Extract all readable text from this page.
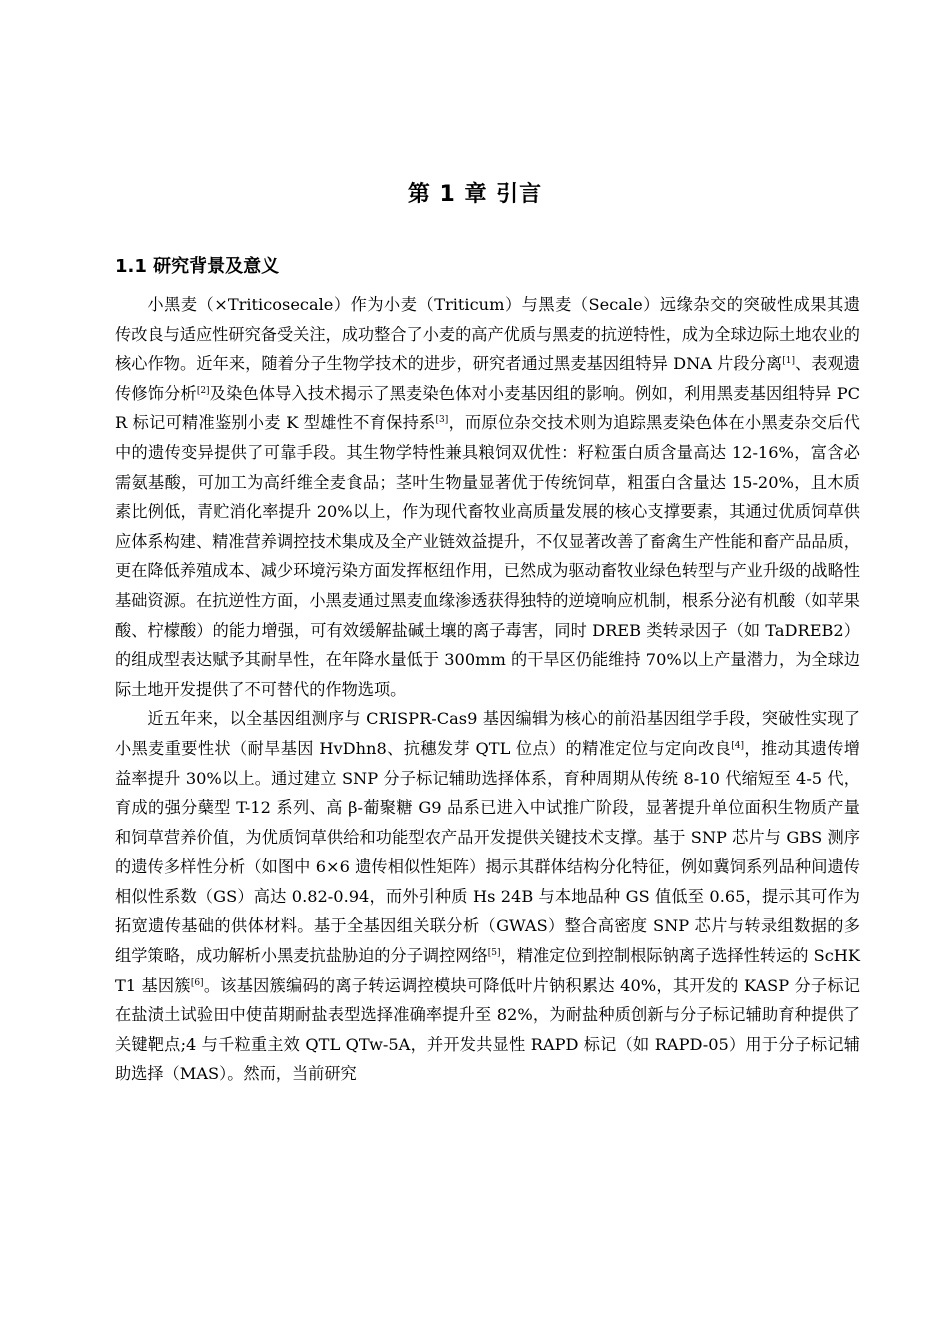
第 1 章 引言
1.1 研究背景及意义

小黑麦（×Triticosecale）作为小麦（Triticum）与黑麦（Secale）远缘杂交的突破性成果其遗传改良与适应性研究备受关注，成功整合了小麦的高产优质与黑麦的抗逆特性，成为全球边际土地农业的核心作物。近年来，随着分子生物学技术的进步，研究者通过黑麦基因组特异 DNA 片段分离[1]、表观遗传修饰分析[2]及染色体导入技术揭示了黑麦染色体对小麦基因组的影响。例如，利用黑麦基因组特异 PCR 标记可精准鉴别小麦 K 型雄性不育保持系[3]，而原位杂交技术则为追踪黑麦染色体在小黑麦杂交后代中的遗传变异提供了可靠手段。其生物学特性兼具粮饲双优性：籽粒蛋白质含量高达 12-16%，富含必需氨基酸，可加工为高纤维全麦食品；茎叶生物量显著优于传统饲草，粗蛋白含量达 15-20%，且木质素比例低，青贮消化率提升 20%以上，作为现代畜牧业高质量发展的核心支撑要素，其通过优质饲草供应体系构建、精准营养调控技术集成及全产业链效益提升，不仅显著改善了畜禽生产性能和畜产品品质，更在降低养殖成本、减少环境污染方面发挥枢纽作用，已然成为驱动畜牧业绿色转型与产业升级的战略性基础资源。在抗逆性方面，小黑麦通过黑麦血缘渗透获得独特的逆境响应机制，根系分泌有机酸（如苹果酸、柠檬酸）的能力增强，可有效缓解盐碱土壤的离子毒害，同时 DREB 类转录因子（如 TaDREB2）的组成型表达赋予其耐旱性，在年降水量低于 300mm 的干旱区仍能维持 70%以上产量潜力，为全球边际土地开发提供了不可替代的作物选项。

近五年来，以全基因组测序与 CRISPR-Cas9 基因编辑为核心的前沿基因组学手段，突破性实现了小黑麦重要性状（耐旱基因 HvDhn8、抗穗发芽 QTL 位点）的精准定位与定向改良[4]，推动其遗传增益率提升 30%以上。通过建立 SNP 分子标记辅助选择体系，育种周期从传统 8-10 代缩短至 4-5 代，育成的强分蘖型 T-12 系列、高 β-葡聚糖 G9 品系已进入中试推广阶段，显著提升单位面积生物质产量和饲草营养价值，为优质饲草供给和功能型农产品开发提供关键技术支撑。基于 SNP 芯片与 GBS 测序的遗传多样性分析（如图中 6×6 遗传相似性矩阵）揭示其群体结构分化特征，例如冀饲系列品种间遗传相似性系数（GS）高达 0.82-0.94，而外引种质 Hs 24B 与本地品种 GS 值低至 0.65，提示其可作为拓宽遗传基础的供体材料。基于全基因组关联分析（GWAS）整合高密度 SNP 芯片与转录组数据的多组学策略，成功解析小黑麦抗盐胁迫的分子调控网络[5]，精准定位到控制根际钠离子选择性转运的 ScHKT1 基因簇[6]。该基因簇编码的离子转运调控模块可降低叶片钠积累达 40%，其开发的 KASP 分子标记在盐渍土试验田中使苗期耐盐表型选择准确率提升至 82%，为耐盐种质创新与分子标记辅助育种提供了关键靶点;4 与千粒重主效 QTL QTw-5A，并开发共显性 RAPD 标记（如 RAPD-05）用于分子标记辅助选择（MAS）。然而，当前研究
